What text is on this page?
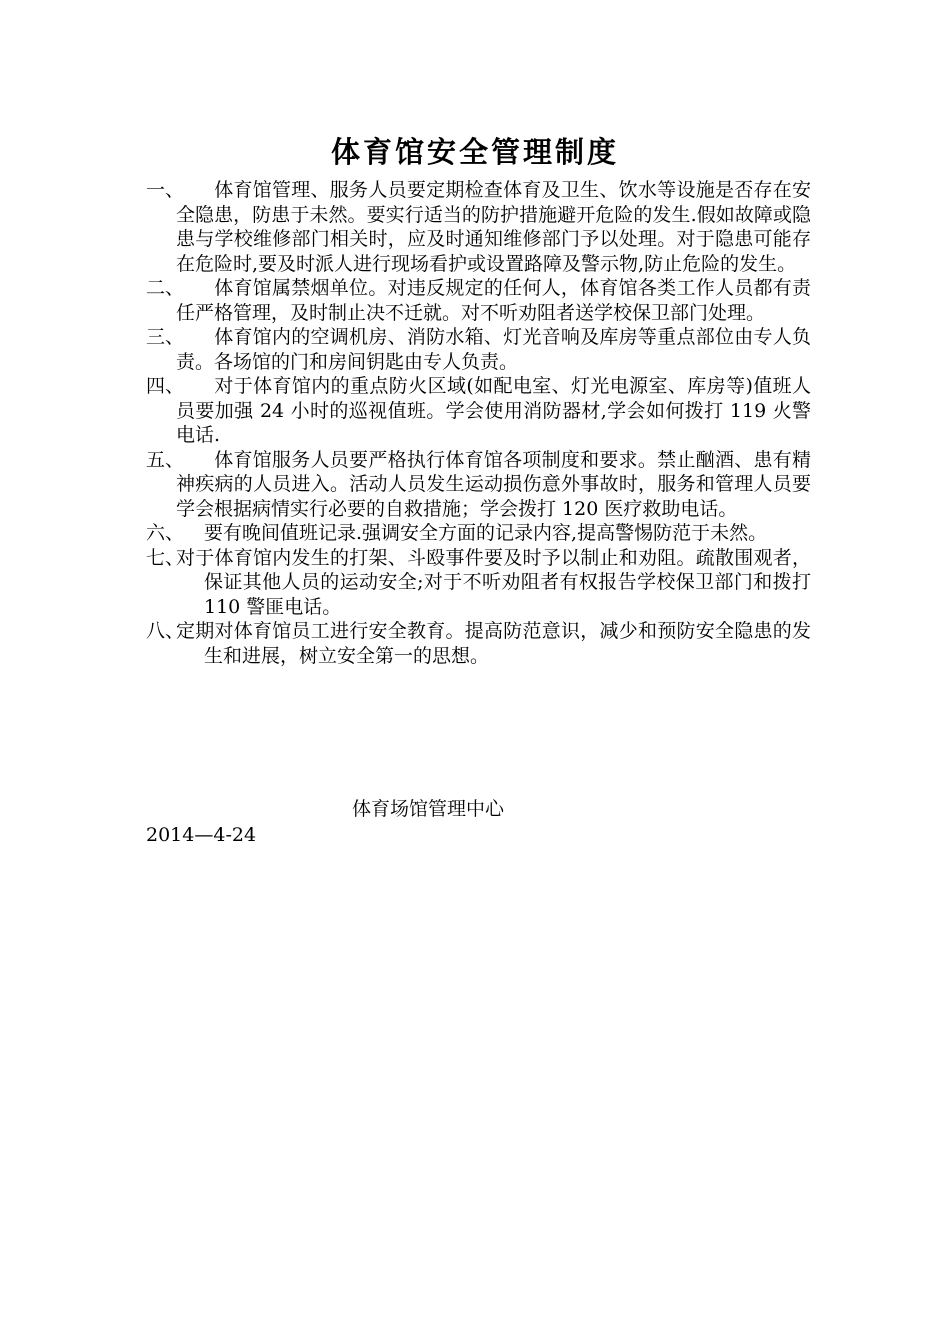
体育馆安全管理制度
一、	体育馆管理、服务人员要定期检查体育及卫生、饮水等设施是否存在安全隐患，防患于未然。要实行适当的防护措施避开危险的发生.假如故障或隐患与学校维修部门相关时，应及时通知维修部门予以处理。对于隐患可能存在危险时,要及时派人进行现场看护或设置路障及警示物,防止危险的发生。
二、	体育馆属禁烟单位。对违反规定的任何人，体育馆各类工作人员都有责任严格管理，及时制止决不迁就。对不听劝阻者送学校保卫部门处理。
三、	体育馆内的空调机房、消防水箱、灯光音响及库房等重点部位由专人负责。各场馆的门和房间钥匙由专人负责。
四、	对于体育馆内的重点防火区域(如配电室、灯光电源室、库房等)值班人员要加强 24 小时的巡视值班。学会使用消防器材,学会如何拨打 119 火警电话.
五、	体育馆服务人员要严格执行体育馆各项制度和要求。禁止酗酒、患有精神疾病的人员进入。活动人员发生运动损伤意外事故时，服务和管理人员要学会根据病情实行必要的自救措施；学会拨打 120 医疗救助电话。
六、	要有晚间值班记录.强调安全方面的记录内容,提高警惕防范于未然。
七、
对于体育馆内发生的打架、斗殴事件要及时予以制止和劝阻。疏散围观者，保证其他人员的运动安全;对于不听劝阻者有权报告学校保卫部门和拨打 110 警匪电话。
八、
定期对体育馆员工进行安全教育。提高防范意识，减少和预防安全隐患的发生和进展，树立安全第一的思想。
体育场馆管理中心
2014—4-24
